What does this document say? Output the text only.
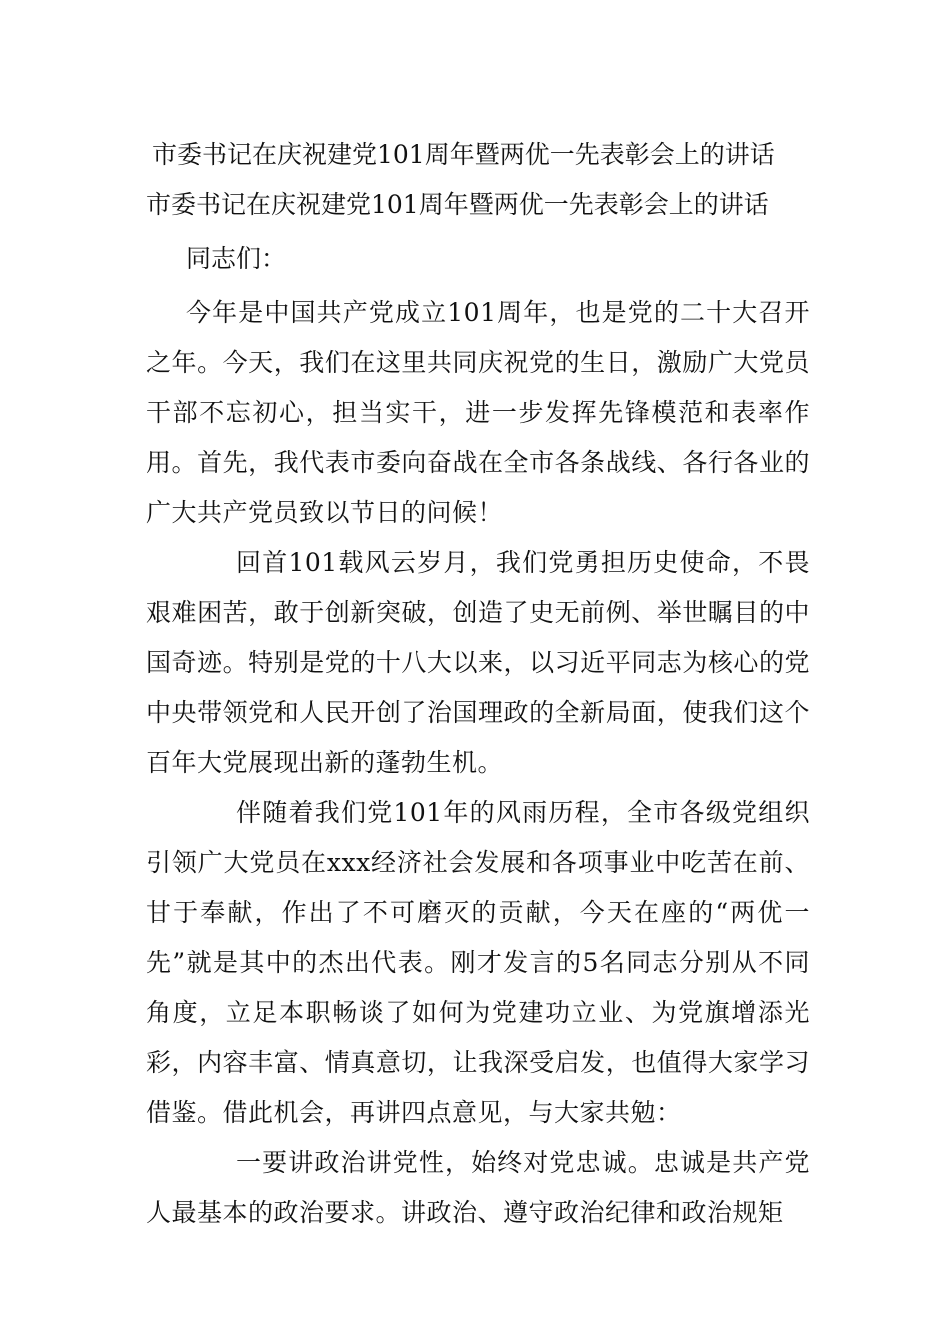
市委书记在庆祝建党101周年暨两优一先表彰会上的讲话

市委书记在庆祝建党101周年暨两优一先表彰会上的讲话

同志们：

今年是中国共产党成立101周年，也是党的二十大召开之年。今天，我们在这里共同庆祝党的生日，激励广大党员干部不忘初心，担当实干，进一步发挥先锋模范和表率作用。首先，我代表市委向奋战在全市各条战线、各行各业的广大共产党员致以节日的问候！

回首101载风云岁月，我们党勇担历史使命，不畏艰难困苦，敢于创新突破，创造了史无前例、举世瞩目的中国奇迹。特别是党的十八大以来，以习近平同志为核心的党中央带领党和人民开创了治国理政的全新局面，使我们这个百年大党展现出新的蓬勃生机。

伴随着我们党101年的风雨历程，全市各级党组织引领广大党员在xxx经济社会发展和各项事业中吃苦在前、甘于奉献，作出了不可磨灭的贡献，今天在座的“两优一先”就是其中的杰出代表。刚才发言的5名同志分别从不同角度，立足本职畅谈了如何为党建功立业、为党旗增添光彩，内容丰富、情真意切，让我深受启发，也值得大家学习借鉴。借此机会，再讲四点意见，与大家共勉：

一要讲政治讲党性，始终对党忠诚。忠诚是共产党人最基本的政治要求。讲政治、遵守政治纪律和政治规矩
